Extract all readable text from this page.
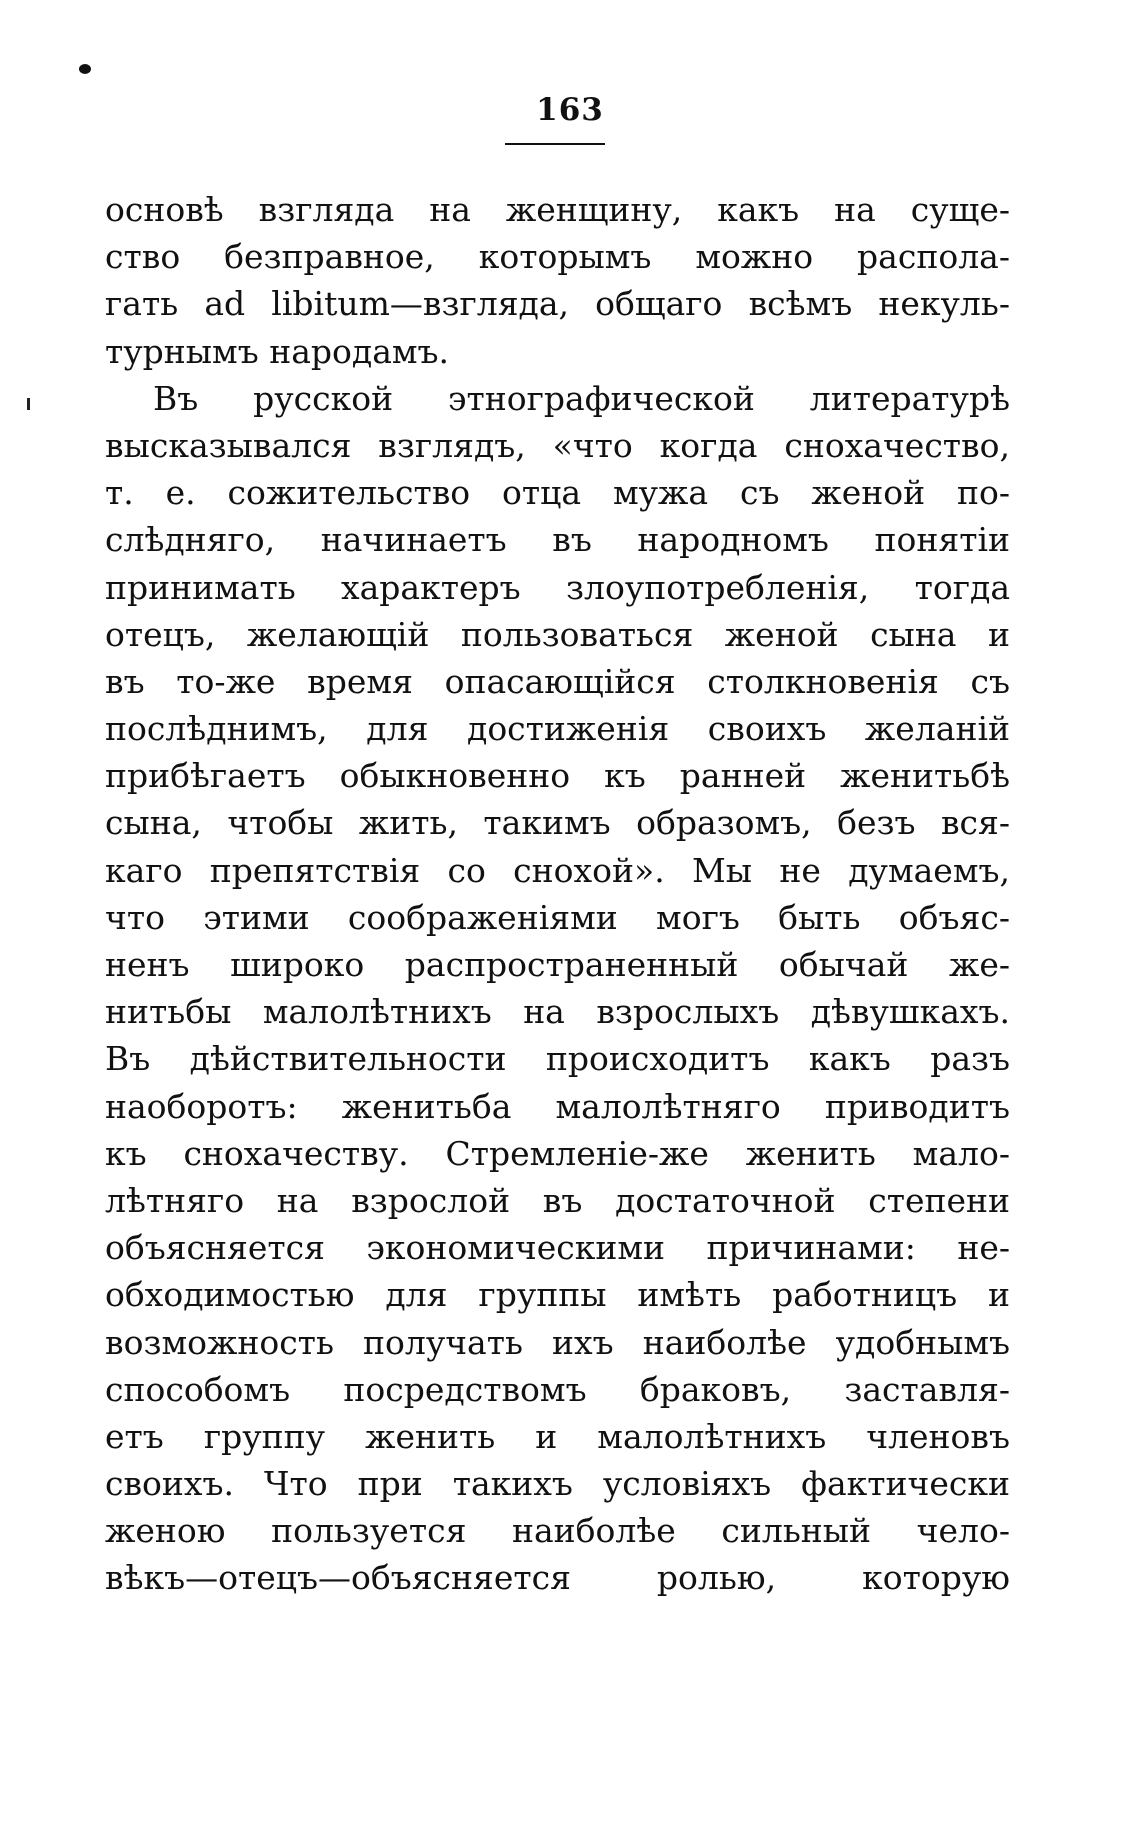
163
основѣ взгляда на женщину, какъ на суще-
ство безправное, которымъ можно распола-
гать ad libitum—взгляда, общаго всѣмъ некуль-
турнымъ народамъ.
Въ русской этнографической литературѣ
высказывался взглядъ, «что когда снохачество,
т. е. сожительство отца мужа съ женой по-
слѣдняго, начинаетъ въ народномъ понятіи
принимать характеръ злоупотребленія, тогда
отецъ, желающій пользоваться женой сына и
въ то-же время опасающійся столкновенія съ
послѣднимъ, для достиженія своихъ желаній
прибѣгаетъ обыкновенно къ ранней женитьбѣ
сына, чтобы жить, такимъ образомъ, безъ вся-
каго препятствія со снохой». Мы не думаемъ,
что этими соображеніями могъ быть объяс-
ненъ широко распространенный обычай же-
нитьбы малолѣтнихъ на взрослыхъ дѣвушкахъ.
Въ дѣйствительности происходитъ какъ разъ
наоборотъ: женитьба малолѣтняго приводитъ
къ снохачеству. Стремленіе-же женить мало-
лѣтняго на взрослой въ достаточной степени
объясняется экономическими причинами: не-
обходимостью для группы имѣть работницъ и
возможность получать ихъ наиболѣе удобнымъ
способомъ посредствомъ браковъ, заставля-
етъ группу женить и малолѣтнихъ членовъ
своихъ. Что при такихъ условіяхъ фактически
женою пользуется наиболѣе сильный чело-
вѣкъ—отецъ—объясняется ролью, которую
